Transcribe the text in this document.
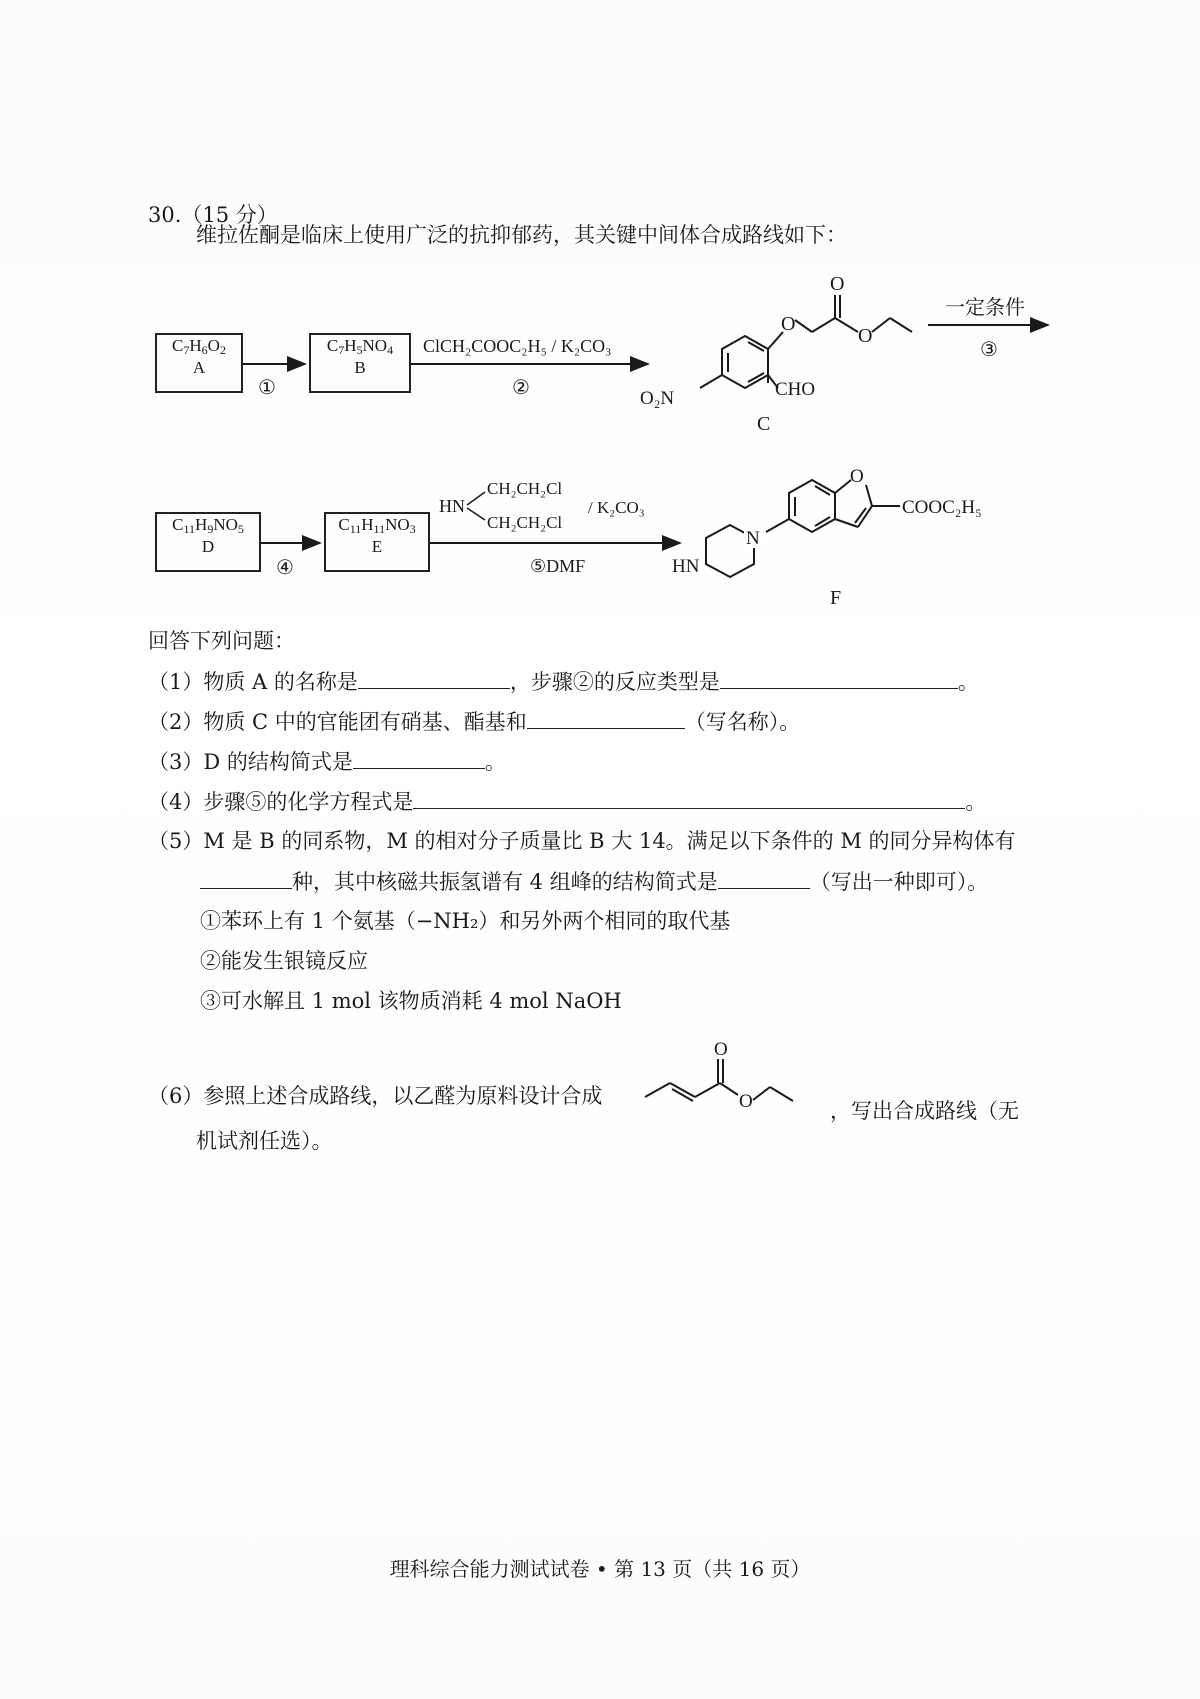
30.（15 分）
维拉佐酮是临床上使用广泛的抗抑郁药，其关键中间体合成路线如下：
$C_7H_6O_2$
A
$C_7H_5NO_4$
B
$C_{11}H_9NO_5$
D
$C_{11}H_{11}NO_3$
E
①
ClCH₂COOC₂H₅ / K₂CO₃
②
O
O
O
O₂N	CHO
C
一定条件
③
④
HN
CH₂CH₂Cl
CH₂CH₂Cl
/ K₂CO₃
⑤DMF
N
HN
O
COOC₂H₅
F
回答下列问题：
（1）物质 A 的名称是	，步骤②的反应类型是	。
（2）物质 C 中的官能团有硝基、酯基和	（写名称）。
（3）D 的结构简式是	。
（4）步骤⑤的化学方程式是	。
（5）M 是 B 的同系物，M 的相对分子质量比 B 大 14。满足以下条件的 M 的同分异构体有
种，其中核磁共振氢谱有 4 组峰的结构简式是	（写出一种即可）。
①苯环上有 1 个氨基（−NH₂）和另外两个相同的取代基
②能发生银镜反应
③可水解且 1 mol 该物质消耗 4 mol NaOH
（6）参照上述合成路线，以乙醛为原料设计合成
O
O	，写出合成路线（无
机试剂任选）。
理科综合能力测试试卷 • 第 13 页（共 16 页）
